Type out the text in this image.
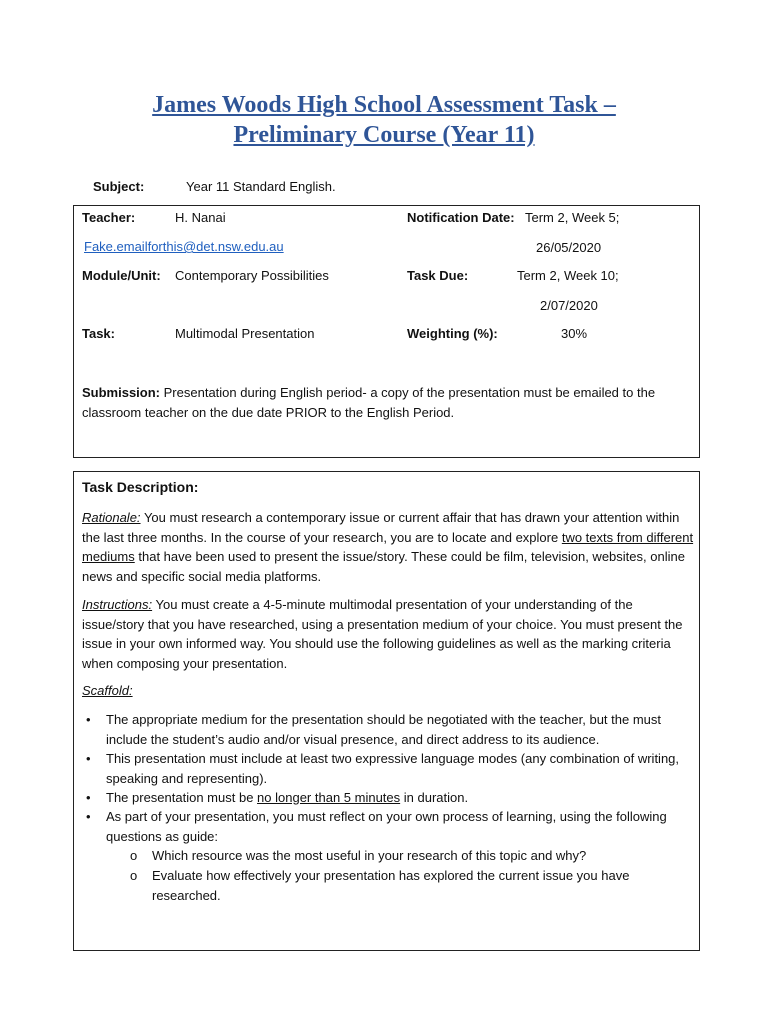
James Woods High School Assessment Task –
Preliminary Course (Year 11)
Subject:	Year 11 Standard English.
Teacher:	H. Nanai	Notification Date: Term 2, Week 5;
Fake.emailforthis@det.nsw.edu.au	26/05/2020
Module/Unit: Contemporary Possibilities	Task Due:	Term 2, Week 10;
2/07/2020
Task:	Multimodal Presentation	Weighting (%):	30%
Submission: Presentation during English period- a copy of the presentation must be emailed to the classroom teacher on the due date PRIOR to the English Period.
Task Description:
Rationale: You must research a contemporary issue or current affair that has drawn your attention within the last three months. In the course of your research, you are to locate and explore two texts from different mediums that have been used to present the issue/story. These could be film, television, websites, online news and specific social media platforms.
Instructions: You must create a 4-5-minute multimodal presentation of your understanding of the issue/story that you have researched, using a presentation medium of your choice. You must present the issue in your own informed way. You should use the following guidelines as well as the marking criteria when composing your presentation.
Scaffold:
• The appropriate medium for the presentation should be negotiated with the teacher, but the must include the student’s audio and/or visual presence, and direct address to its audience.
• This presentation must include at least two expressive language modes (any combination of writing, speaking and representing).
• The presentation must be no longer than 5 minutes in duration.
• As part of your presentation, you must reflect on your own process of learning, using the following questions as guide:
o Which resource was the most useful in your research of this topic and why?
o Evaluate how effectively your presentation has explored the current issue you have researched.
